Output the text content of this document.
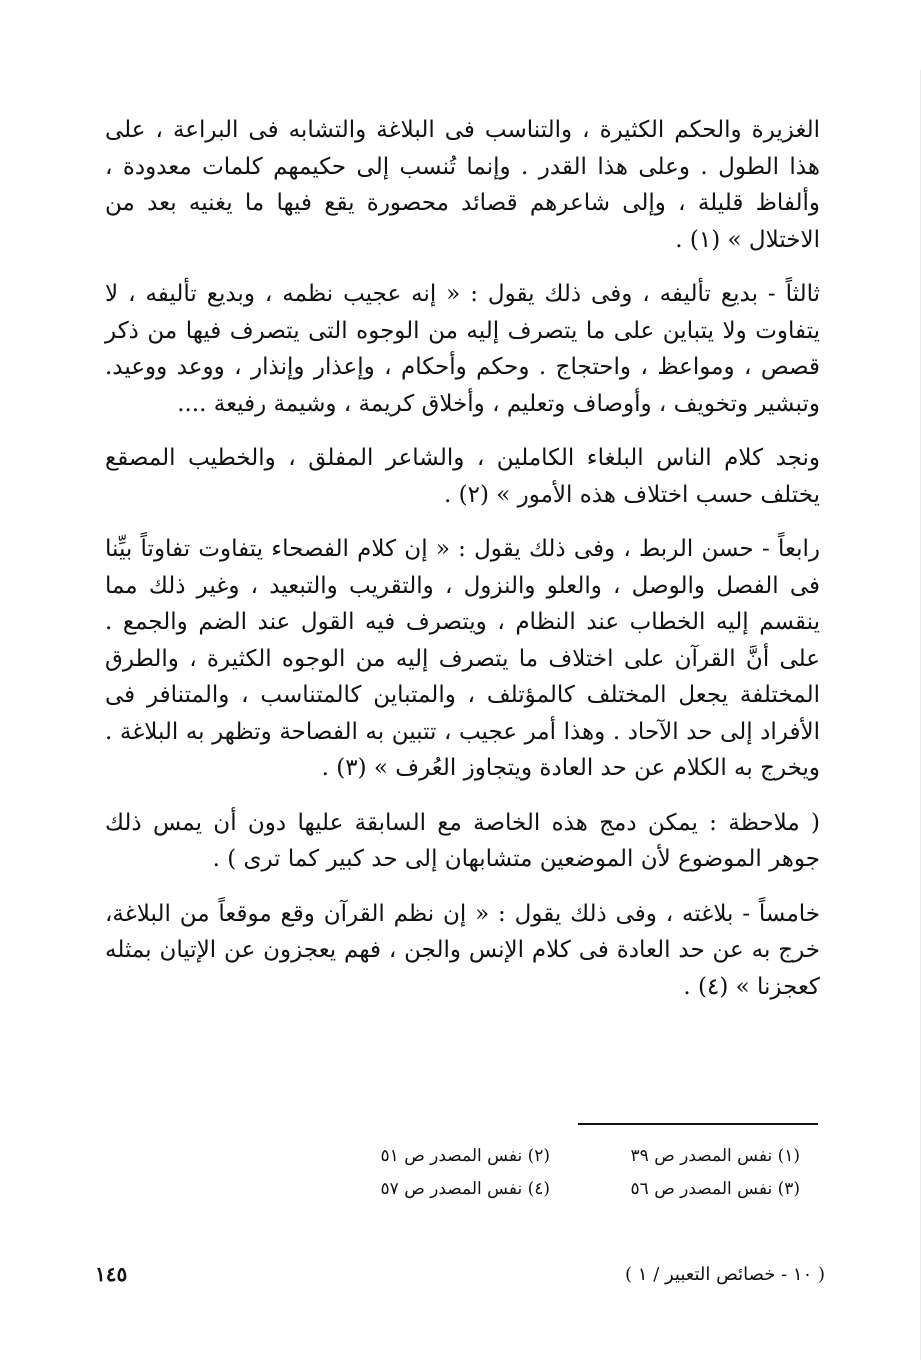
الغزيرة والحكم الكثيرة ، والتناسب فى البلاغة والتشابه فى البراعة ، على هذا الطول . وعلى هذا القدر . وإنما تُنسب إلى حكيمهم كلمات معدودة ، وألفاظ قليلة ، وإلى شاعرهم قصائد محصورة يقع فيها ما يغنيه بعد من الاختلال » (١) .

ثالثاً - بديع تأليفه ، وفى ذلك يقول : « إنه عجيب نظمه ، وبديع تأليفه ، لا يتفاوت ولا يتباين على ما يتصرف إليه من الوجوه التى يتصرف فيها من ذكر قصص ، ومواعظ ، واحتجاج . وحكم وأحكام ، وإعذار وإنذار ، ووعد ووعيد. وتبشير وتخويف ، وأوصاف وتعليم ، وأخلاق كريمة ، وشيمة رفيعة ....

ونجد كلام الناس البلغاء الكاملين ، والشاعر المفلق ، والخطيب المصقع يختلف حسب اختلاف هذه الأمور » (٢) .

رابعاً - حسن الربط ، وفى ذلك يقول : « إن كلام الفصحاء يتفاوت تفاوتاً بيِّنا فى الفصل والوصل ، والعلو والنزول ، والتقريب والتبعيد ، وغير ذلك مما ينقسم إليه الخطاب عند النظام ، ويتصرف فيه القول عند الضم والجمع . على أنَّ القرآن على اختلاف ما يتصرف إليه من الوجوه الكثيرة ، والطرق المختلفة يجعل المختلف كالمؤتلف ، والمتباين كالمتناسب ، والمتنافر فى الأفراد إلى حد الآحاد . وهذا أمر عجيب ، تتبين به الفصاحة وتظهر به البلاغة . ويخرج به الكلام عن حد العادة ويتجاوز العُرف » (٣) .

( ملاحظة : يمكن دمج هذه الخاصة مع السابقة عليها دون أن يمس ذلك جوهر الموضوع لأن الموضعين متشابهان إلى حد كبير كما ترى ) .

خامساً - بلاغته ، وفى ذلك يقول : « إن نظم القرآن وقع موقعاً من البلاغة، خرج به عن حد العادة فى كلام الإنس والجن ، فهم يعجزون عن الإتيان بمثله كعجزنا » (٤) .

(١) نفس المصدر ص ٣٩
(٢) نفس المصدر ص ٥١
(٣) نفس المصدر ص ٥٦
(٤) نفس المصدر ص ٥٧
١٤٥	( ١٠ - خصائص التعبير / ١ )
